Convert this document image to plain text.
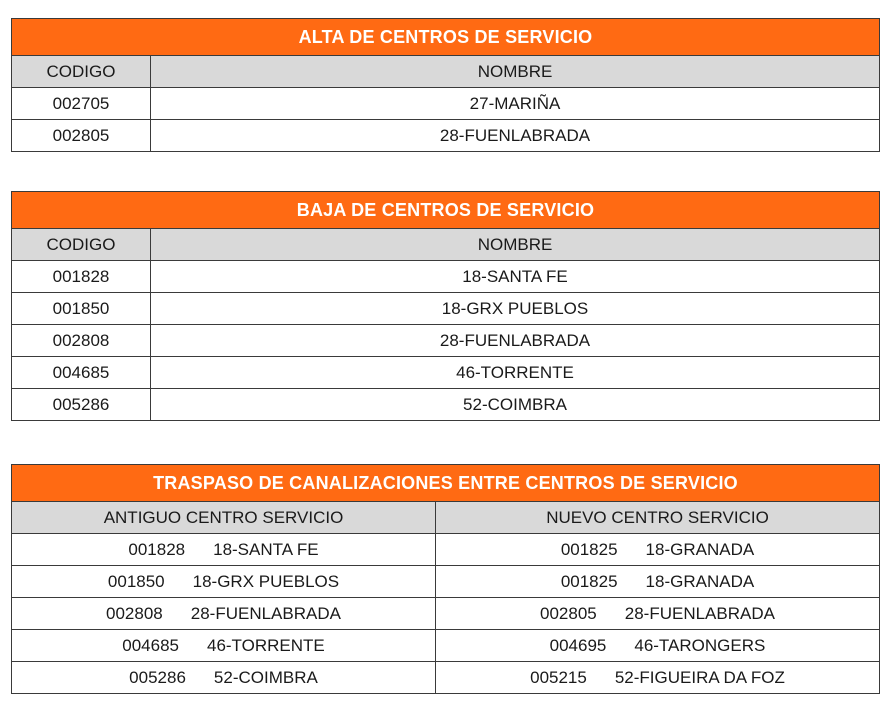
ALTA DE CENTROS DE SERVICIO	
CODIGO	NOMBRE
002705	27-MARIÑA
002805	28-FUENLABRADA
BAJA DE CENTROS DE SERVICIO	
CODIGO	NOMBRE
001828	18-SANTA FE
001850	18-GRX PUEBLOS
002808	28-FUENLABRADA
004685	46-TORRENTE
005286	52-COIMBRA
TRASPASO DE CANALIZACIONES ENTRE CENTROS DE SERVICIO	
ANTIGUO CENTRO SERVICIO	NUEVO CENTRO SERVICIO
001828 18-SANTA FE	001825 18-GRANADA
001850 18-GRX PUEBLOS	001825 18-GRANADA
002808 28-FUENLABRADA	002805 28-FUENLABRADA
004685 46-TORRENTE	004695 46-TARONGERS
005286 52-COIMBRA	005215 52-FIGUEIRA DA FOZ
